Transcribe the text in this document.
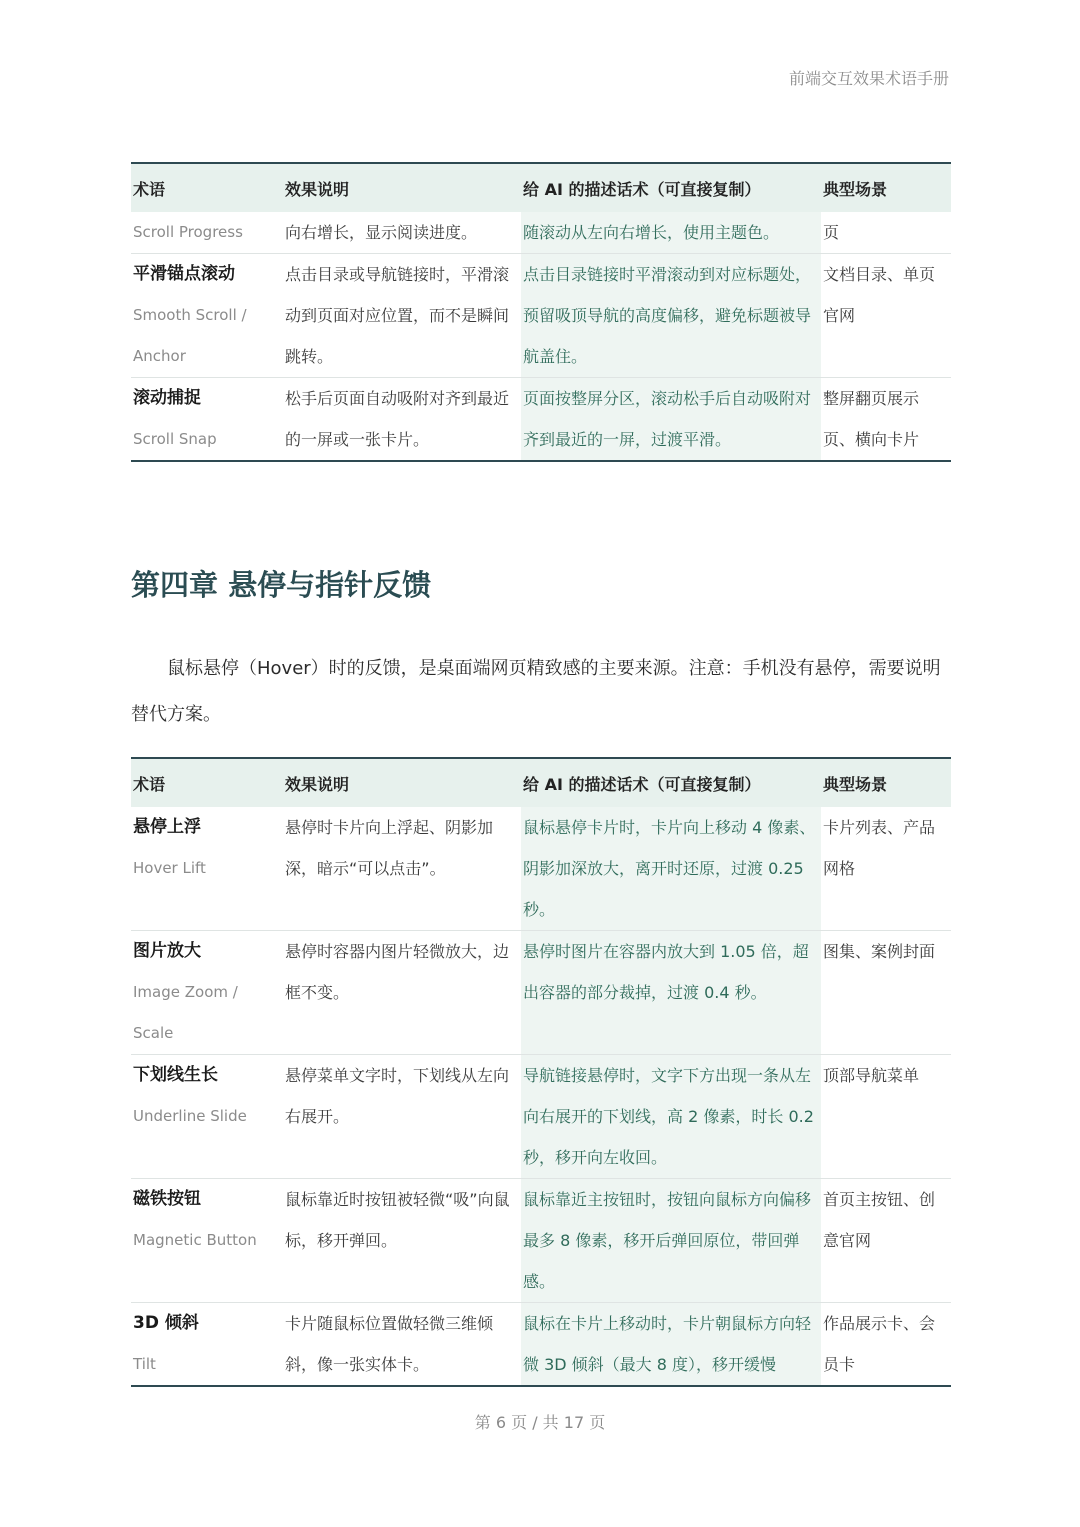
前端交互效果术语手册
术语	效果说明	给 AI 的描述话术（可直接复制）	典型场景

Scroll Progress	向右增长，显示阅读进度。	随滚动从左向右增长，使用主题色。	页

平滑锚点滚动
Smooth Scroll /
Anchor	点击目录或导航链接时，平滑滚动到页面对应位置，而不是瞬间跳转。	点击目录链接时平滑滚动到对应标题处，预留吸顶导航的高度偏移，避免标题被导航盖住。	文档目录、单页官网

滚动捕捉
Scroll Snap	松手后页面自动吸附对齐到最近的一屏或一张卡片。	页面按整屏分区，滚动松手后自动吸附对齐到最近的一屏，过渡平滑。	整屏翻页展示页、横向卡片
第四章 悬停与指针反馈
鼠标悬停（Hover）时的反馈，是桌面端网页精致感的主要来源。注意：手机没有悬停，需要说明替代方案。
术语	效果说明	给 AI 的描述话术（可直接复制）	典型场景

悬停上浮
Hover Lift	悬停时卡片向上浮起、阴影加深，暗示“可以点击”。	鼠标悬停卡片时，卡片向上移动 4 像素、阴影加深放大，离开时还原，过渡 0.25 秒。	卡片列表、产品网格

图片放大
Image Zoom / Scale	悬停时容器内图片轻微放大，边框不变。	悬停时图片在容器内放大到 1.05 倍，超出容器的部分裁掉，过渡 0.4 秒。	图集、案例封面

下划线生长
Underline Slide	悬停菜单文字时，下划线从左向右展开。	导航链接悬停时，文字下方出现一条从左向右展开的下划线，高 2 像素，时长 0.2 秒，移开向左收回。	顶部导航菜单

磁铁按钮
Magnetic Button	鼠标靠近时按钮被轻微“吸”向鼠标，移开弹回。	鼠标靠近主按钮时，按钮向鼠标方向偏移最多 8 像素，移开后弹回原位，带回弹感。	首页主按钮、创意官网

3D 倾斜
Tilt	卡片随鼠标位置做轻微三维倾斜，像一张实体卡。	鼠标在卡片上移动时，卡片朝鼠标方向轻微 3D 倾斜（最大 8 度），移开缓慢	作品展示卡、会员卡
第 6 页 / 共 17 页
